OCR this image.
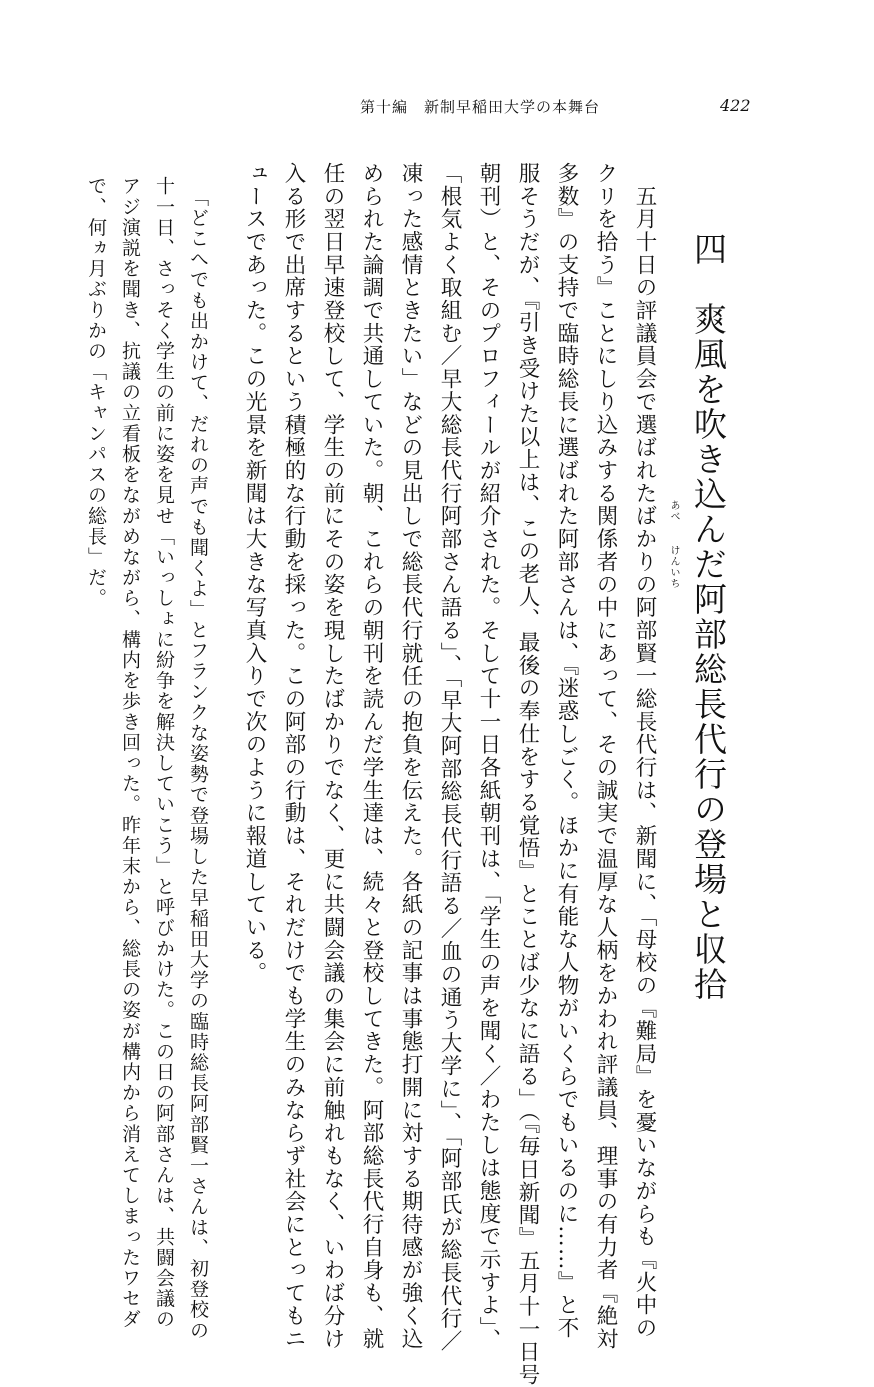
第十編　新制早稲田大学の本舞台	422
四　爽風を吹き込んだ阿部総長代行の登場と収拾
　五月十日の評議員会で選ばれたばかりの阿部賢一総長代行は、新聞に、「母校の『難局』を憂いながらも『火中の
クリを拾う』ことにしり込みする関係者の中にあって、その誠実で温厚な人柄をかわれ評議員、理事の有力者『絶対
多数』の支持で臨時総長に選ばれた阿部さんは、『迷惑しごく。ほかに有能な人物がいくらでもいるのに……』と不
服そうだが、『引き受けた以上は、この老人、最後の奉仕をする覚悟』とことば少なに語る」（『毎日新聞』五月十一日号
朝刊）と、そのプロフィールが紹介された。そして十一日各紙朝刊は、「学生の声を聞く／わたしは態度で示すよ」、
「根気よく取組む／早大総長代行阿部さん語る」、「早大阿部総長代行語る／血の通う大学に」、「阿部氏が総長代行／
凍った感情ときたい」などの見出しで総長代行就任の抱負を伝えた。各紙の記事は事態打開に対する期待感が強く込
められた論調で共通していた。朝、これらの朝刊を読んだ学生達は、続々と登校してきた。阿部総長代行自身も、就
任の翌日早速登校して、学生の前にその姿を現したばかりでなく、更に共闘会議の集会に前触れもなく、いわば分け
入る形で出席するという積極的な行動を採った。この阿部の行動は、それだけでも学生のみならず社会にとってもニ
ュースであった。この光景を新聞は大きな写真入りで次のように報道している。	あべ
けんいち
　「どこへでも出かけて、だれの声でも聞くよ」とフランクな姿勢で登場した早稲田大学の臨時総長阿部賢一さんは、初登校の
十一日、さっそく学生の前に姿を見せ「いっしょに紛争を解決していこう」と呼びかけた。この日の阿部さんは、共闘会議の
アジ演説を聞き、抗議の立看板をながめながら、構内を歩き回った。昨年末から、総長の姿が構内から消えてしまったワセダ
で、何ヵ月ぶりかの「キャンパスの総長」だ。
